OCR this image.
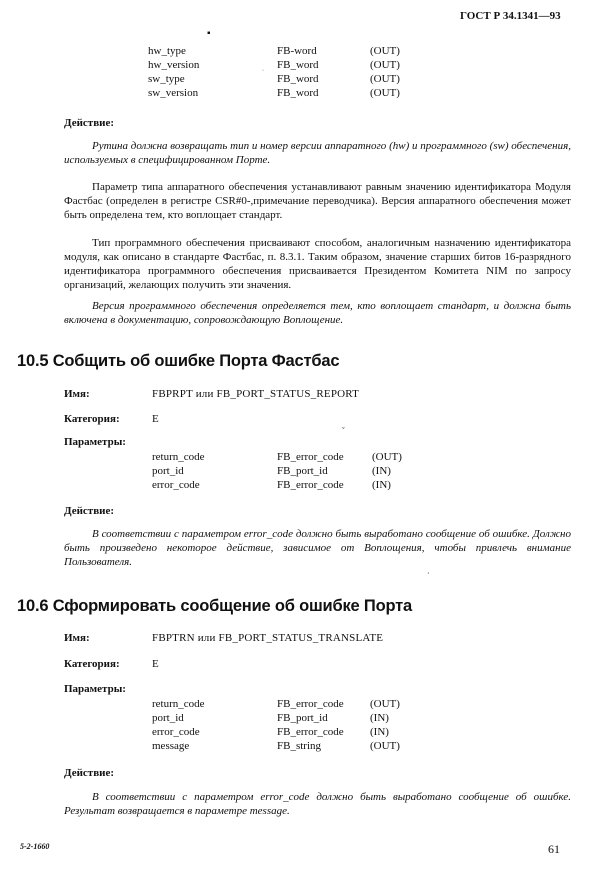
ГОСТ Р 34.1341—93
hw_type	FB-word	(OUT)
hw_version	FB_word	(OUT)
sw_type	FB_word	(OUT)
sw_version	FB_word	(OUT)
Действие:
Рутина должна возвращать тип и номер версии аппаратного (hw) и программного (sw) обеспечения, используемых в специфицированном Порте.
Параметр типа аппаратного обеспечения устанавливают равным значению идентификатора Модуля Фастбас (определен в регистре CSR#0-,примечание переводчика). Версия аппаратного обеспечения может быть определена тем, кто воплощает стандарт.
Тип программного обеспечения присваивают способом, аналогичным назначению идентификатора модуля, как описано в стандарте Фастбас, п. 8.3.1. Таким образом, значение старших битов 16-разрядного идентификатора программного обеспечения присваивается Президентом Комитета NIM по запросу организаций, желающих получить эти значения.
Версия программного обеспечения определяется тем, кто воплощает стандарт, и должна быть включена в документацию, сопровождающую Воплощение.
10.5 Собщить об ошибке Порта Фастбас
Имя:	FBPRPT или FB_PORT_STATUS_REPORT
Категория:	E
Параметры:
return_code	FB_error_code	(OUT)
port_id	FB_port_id	(IN)
error_code	FB_error_code	(IN)
Действие:
В соответствии с параметром error_code должно быть выработано сообщение об ошибке. Должно быть произведено некоторое действие, зависимое от Воплощения, чтобы привлечь внимание Пользователя.
10.6 Сформировать сообщение об ошибке Порта
Имя:	FBPTRN или FB_PORT_STATUS_TRANSLATE
Категория:	E
Параметры:
return_code	FB_error_code (OUT)
port_id	FB_port_id	(IN)
error_code	FB_error_code (IN)
message	FB_string	(OUT)
Действие:
В соответствии с параметром error_code должно быть выработано сообщение об ошибке. Результат возвращается в параметре message.
▪
·
ˇ
·
5-2-1660	61
